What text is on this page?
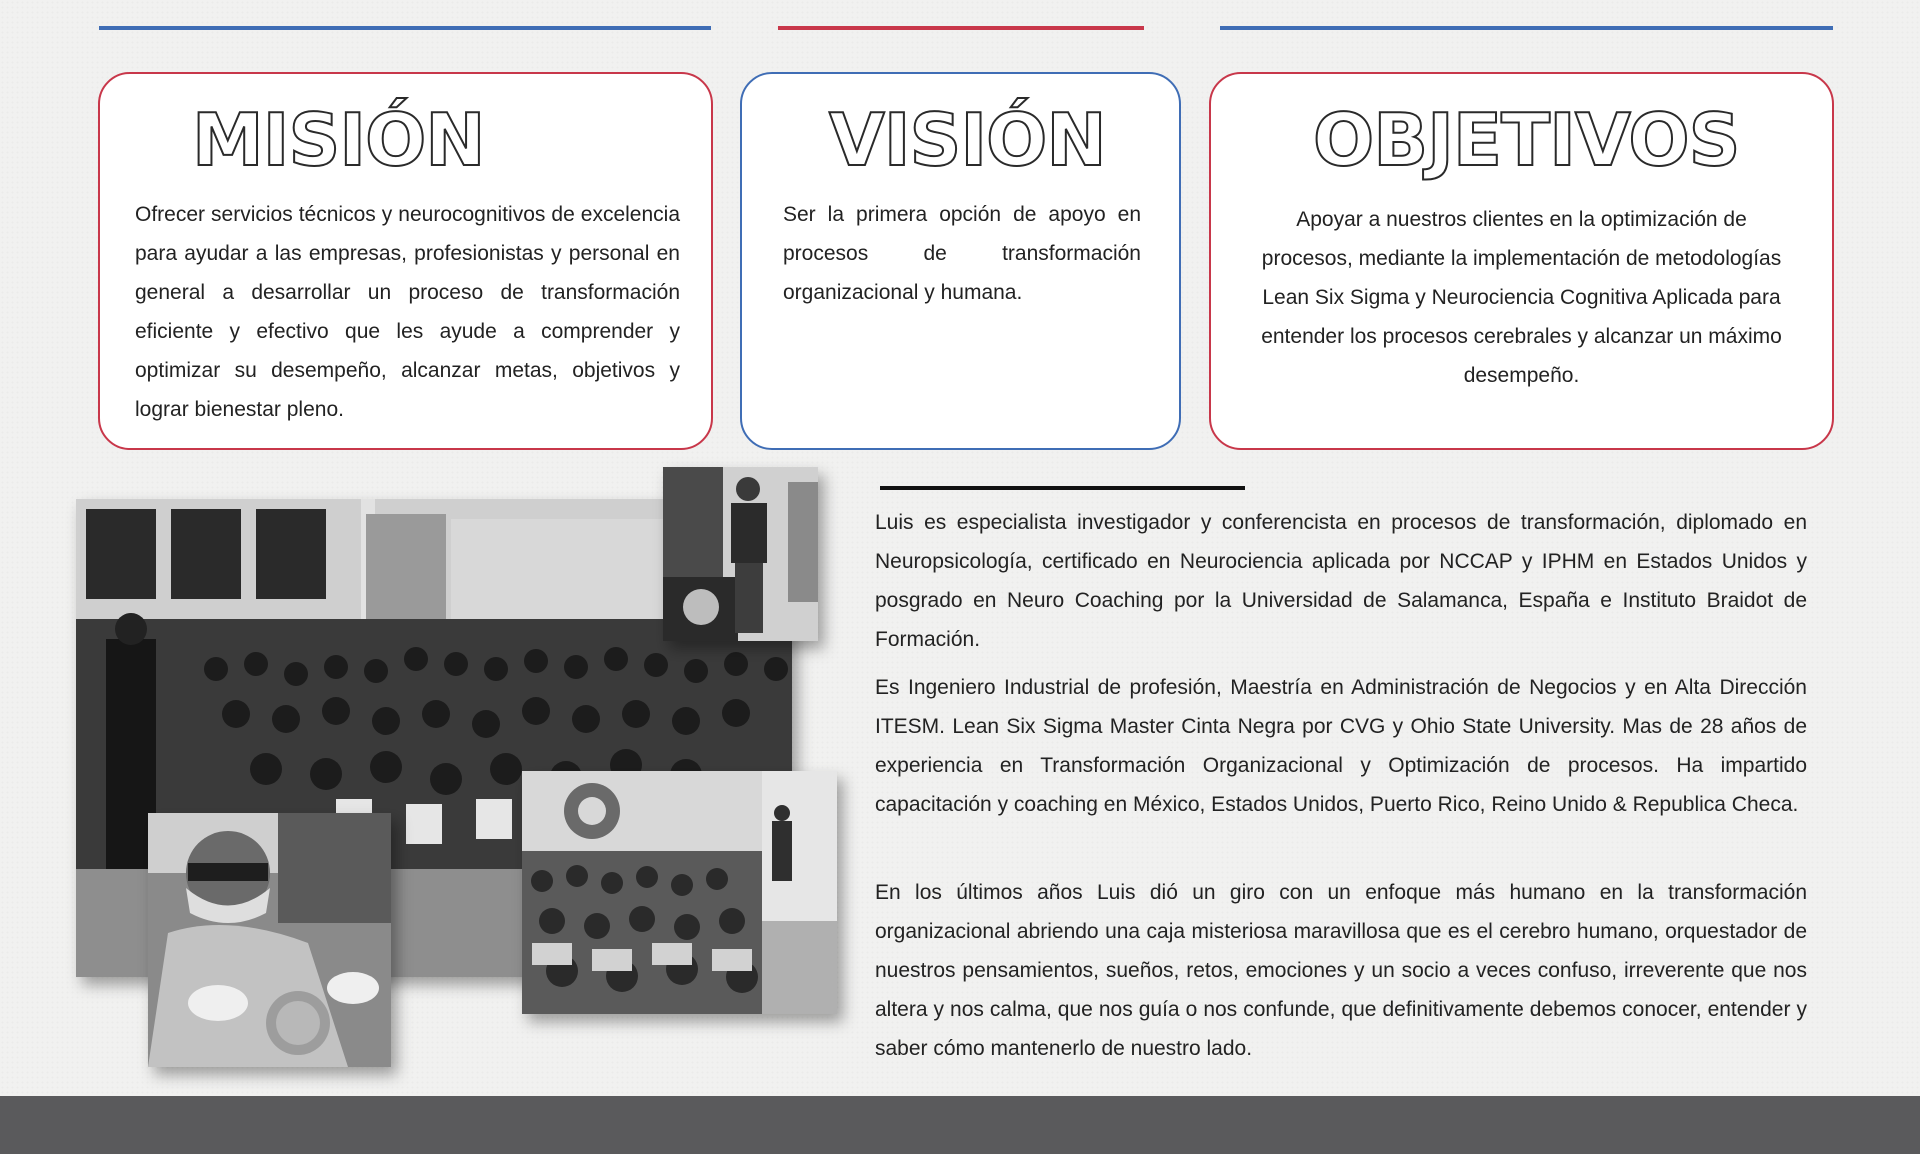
MISIÓN

Ofrecer servicios técnicos y neurocognitivos de excelencia para ayudar a las empresas, profesionistas y personal en general a desarrollar un proceso de transformación eficiente y efectivo que les ayude a comprender y optimizar su desempeño, alcanzar metas, objetivos y lograr bienestar pleno.

VISIÓN

Ser la primera opción de apoyo en procesos de transformación organizacional y humana.

OBJETIVOS

Apoyar a nuestros clientes en la optimización de procesos, mediante la implementación de metodologías Lean Six Sigma y Neurociencia Cognitiva Aplicada para entender los procesos cerebrales y alcanzar un máximo desempeño.

Luis es especialista investigador y conferencista en procesos de transformación, diplomado en Neuropsicología, certificado en Neurociencia aplicada por NCCAP y IPHM en Estados Unidos y posgrado en Neuro Coaching por la Universidad de Salamanca, España e Instituto Braidot de Formación.

Es Ingeniero Industrial de profesión, Maestría en Administración de Negocios y en Alta Dirección ITESM. Lean Six Sigma Master Cinta Negra por CVG y Ohio State University. Mas de 28 años de experiencia en Transformación Organizacional y Optimización de procesos. Ha impartido capacitación y coaching en México, Estados Unidos, Puerto Rico, Reino Unido & Republica Checa.

En los últimos años Luis dió un giro con un enfoque más humano en la transformación organizacional abriendo una caja misteriosa maravillosa que es el cerebro humano, orquestador de nuestros pensamientos, sueños, retos, emociones y un socio a veces confuso, irreverente que nos altera y nos calma, que nos guía o nos confunde, que definitivamente debemos conocer, entender y saber cómo mantenerlo de nuestro lado.
